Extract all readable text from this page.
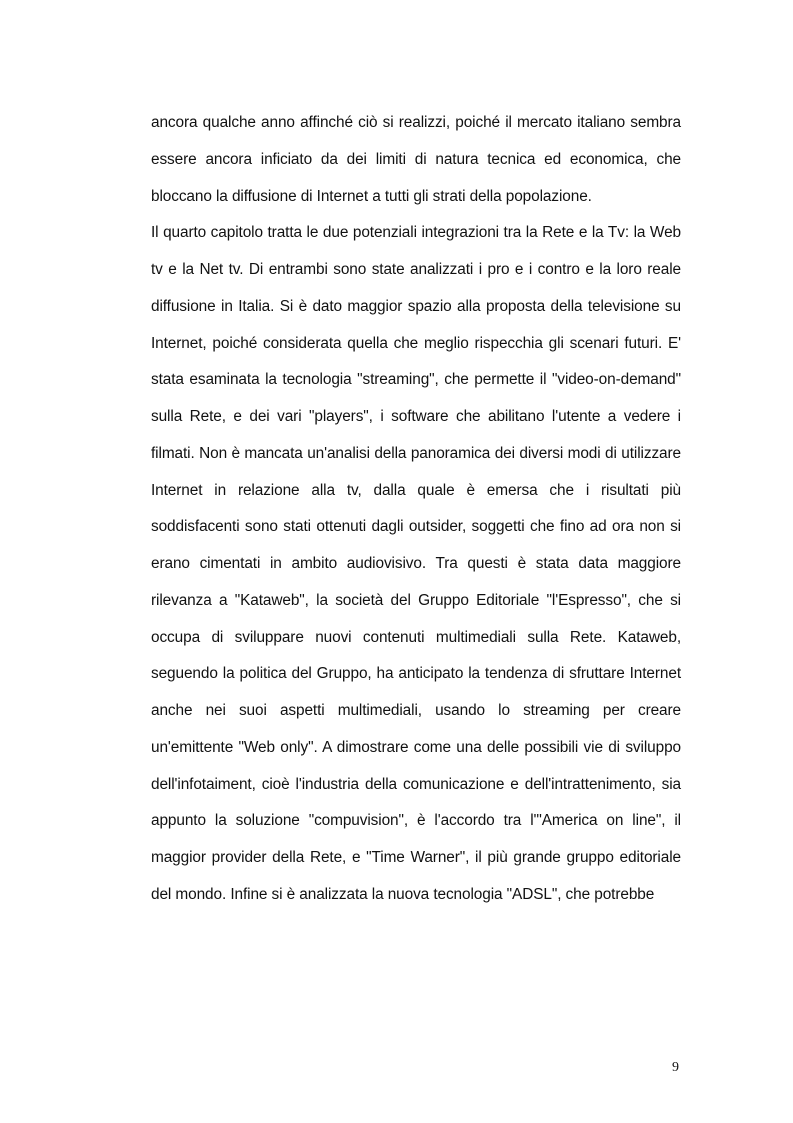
ancora qualche anno affinché ciò si realizzi, poiché il mercato italiano sembra essere ancora inficiato da dei limiti di natura tecnica ed economica, che bloccano la diffusione di Internet a tutti gli strati della popolazione.

Il quarto capitolo tratta le due potenziali integrazioni tra la Rete e la Tv: la Web tv e la Net tv. Di entrambi sono state analizzati i pro e i contro e la loro reale diffusione in Italia. Si è dato maggior spazio alla proposta della televisione su Internet, poiché considerata quella che meglio rispecchia gli scenari futuri. E' stata esaminata la tecnologia "streaming", che permette il "video-on-demand" sulla Rete, e dei vari "players", i software che abilitano l'utente a vedere i filmati. Non è mancata un'analisi della panoramica dei diversi modi di utilizzare Internet in relazione alla tv, dalla quale è emersa che i risultati più soddisfacenti sono stati ottenuti dagli outsider, soggetti che fino ad ora non si erano cimentati in ambito audiovisivo. Tra questi è stata data maggiore rilevanza a "Kataweb", la società del Gruppo Editoriale "l'Espresso", che si occupa di sviluppare nuovi contenuti multimediali sulla Rete. Kataweb, seguendo la politica del Gruppo, ha anticipato la tendenza di sfruttare Internet anche nei suoi aspetti multimediali, usando lo streaming per creare un'emittente "Web only". A dimostrare come una delle possibili vie di sviluppo dell'infotaiment, cioè l'industria della comunicazione e dell'intrattenimento, sia appunto la soluzione "compuvision", è l'accordo tra l'"America on line", il maggior provider della Rete, e "Time Warner", il più grande gruppo editoriale del mondo. Infine si è analizzata la nuova tecnologia "ADSL", che potrebbe

9
